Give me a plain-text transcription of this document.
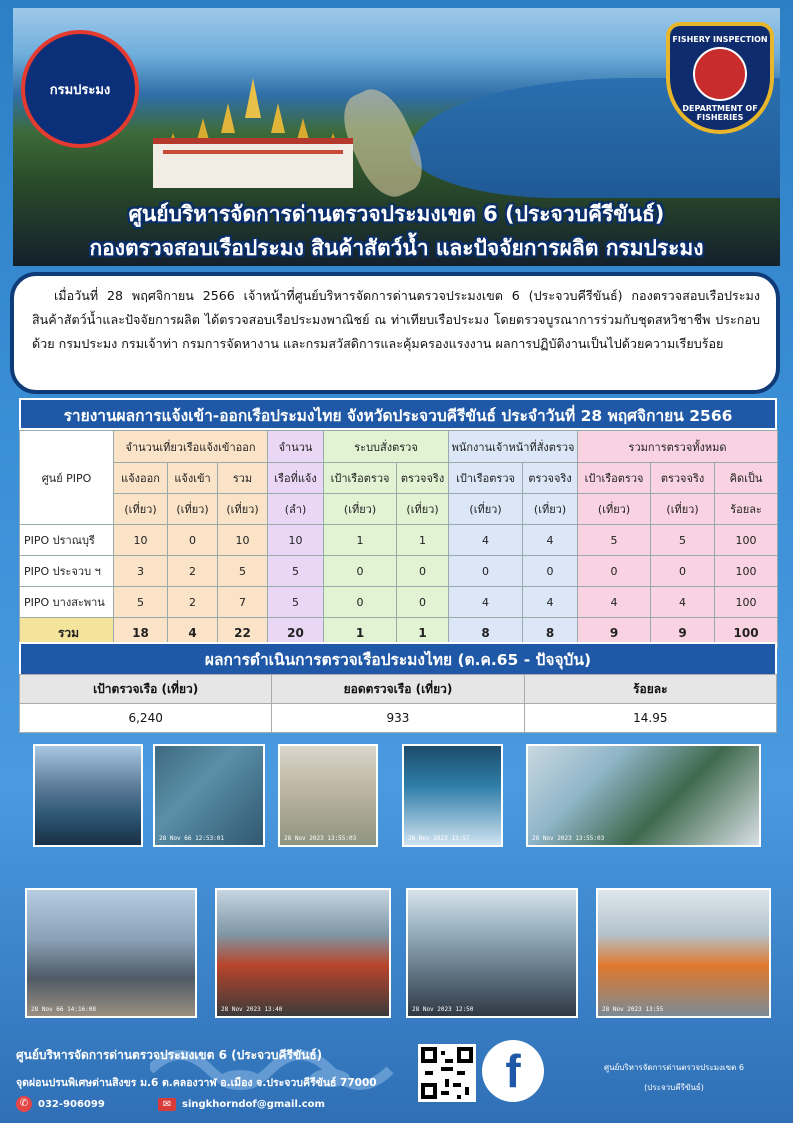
กรมประมง
FISHERY INSPECTION
DEPARTMENT OF FISHERIES
ศูนย์บริหารจัดการด่านตรวจประมงเขต 6 (ประจวบคีรีขันธ์)
กองตรวจสอบเรือประมง สินค้าสัตว์น้ำ และปัจจัยการผลิต กรมประมง
เมื่อวันที่ 28 พฤศจิกายน 2566 เจ้าหน้าที่ศูนย์บริหารจัดการด่านตรวจประมงเขต 6 (ประจวบคีรีขันธ์) กองตรวจสอบเรือประมง สินค้าสัตว์น้ำและปัจจัยการผลิต ได้ตรวจสอบเรือประมงพาณิชย์ ณ ท่าเทียบเรือประมง โดยตรวจบูรณาการร่วมกับชุดสหวิชาชีพ ประกอบด้วย กรมประมง กรมเจ้าท่า กรมการจัดหางาน และกรมสวัสดิการและคุ้มครองแรงงาน ผลการปฏิบัติงานเป็นไปด้วยความเรียบร้อย
รายงานผลการแจ้งเข้า-ออกเรือประมงไทย จังหวัดประจวบคีรีขันธ์ ประจำวันที่ 28 พฤศจิกายน 2566
ศูนย์ PIPO	จำนวนเที่ยวเรือแจ้งเข้าออก			จำนวน	ระบบสั่งตรวจ		พนักงานเจ้าหน้าที่สั่งตรวจ		รวมการตรวจทั้งหมด		
	แจ้งออก	แจ้งเข้า	รวม	เรือที่แจ้ง	เป้าเรือตรวจ	ตรวจจริง	เป้าเรือตรวจ	ตรวจจริง	เป้าเรือตรวจ	ตรวจจริง	คิดเป็น
	(เที่ยว)	(เที่ยว)	(เที่ยว)	(ลำ)	(เที่ยว)	(เที่ยว)	(เที่ยว)	(เที่ยว)	(เที่ยว)	(เที่ยว)	ร้อยละ
PIPO ปราณบุรี	10	0	10	10	1	1	4	4	5	5	100
PIPO ประจวบ ฯ	3	2	5	5	0	0	0	0	0	0	100
PIPO บางสะพาน	5	2	7	5	0	0	4	4	4	4	100
รวม	18	4	22	20	1	1	8	8	9	9	100
ผลการดำเนินการตรวจเรือประมงไทย (ต.ค.65 - ปัจจุบัน)
เป้าตรวจเรือ (เที่ยว)	ยอดตรวจเรือ (เที่ยว)	ร้อยละ
6,240	933	14.95
28 Nov 66 12:53:01	28 Nov 2023 13:55:03	28 Nov 2023 13:57	28 Nov 2023 13:55:03
28 Nov 66 14:16:08	28 Nov 2023 13:40	28 Nov 2023 12:50	28 Nov 2023 13:55
ศูนย์บริหารจัดการด่านตรวจประมงเขต 6 (ประจวบคีรีขันธ์)
จุดผ่อนปรนพิเศษด่านสิงขร ม.6 ต.คลองวาฬ อ.เมือง จ.ประจวบคีรีขันธ์ 77000
✆ 032-906099	✉	singkhorndof@gmail.com
f	ศูนย์บริหารจัดการด่านตรวจประมงเขต 6
(ประจวบคีรีขันธ์)
